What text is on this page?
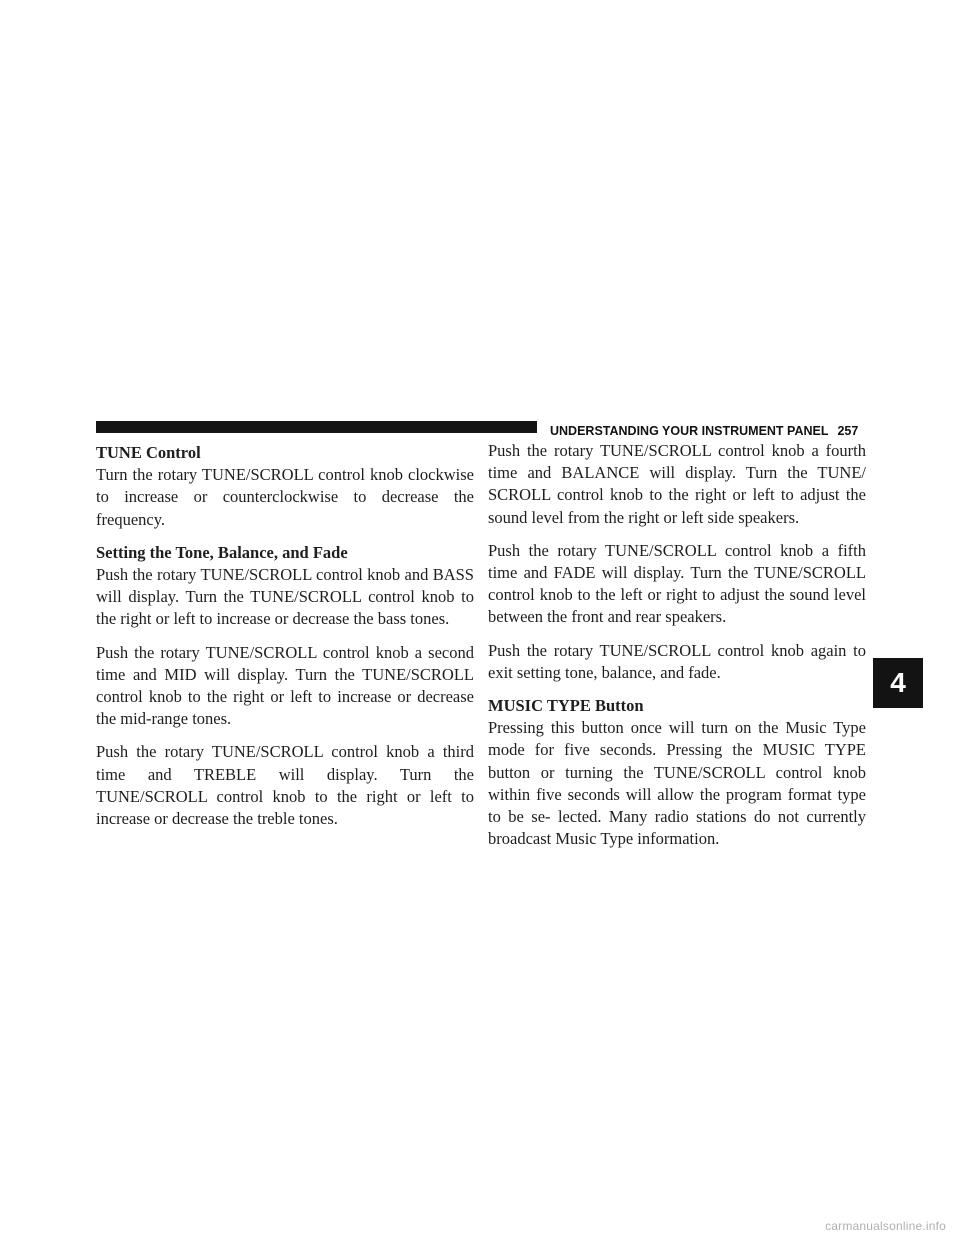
UNDERSTANDING YOUR INSTRUMENT PANEL 257
TUNE Control

Turn the rotary TUNE/SCROLL control knob clockwise to increase or counterclockwise to decrease the frequency.

Setting the Tone, Balance, and Fade

Push the rotary TUNE/SCROLL control knob and BASS will display. Turn the TUNE/SCROLL control knob to the right or left to increase or decrease the bass tones.

Push the rotary TUNE/SCROLL control knob a second time and MID will display. Turn the TUNE/SCROLL control knob to the right or left to increase or decrease the mid-range tones.

Push the rotary TUNE/SCROLL control knob a third time and TREBLE will display. Turn the TUNE/SCROLL control knob to the right or left to increase or decrease the treble tones.

Push the rotary TUNE/SCROLL control knob a fourth time and BALANCE will display. Turn the TUNE/ SCROLL control knob to the right or left to adjust the sound level from the right or left side speakers.

Push the rotary TUNE/SCROLL control knob a fifth time and FADE will display. Turn the TUNE/SCROLL control knob to the left or right to adjust the sound level between the front and rear speakers.

Push the rotary TUNE/SCROLL control knob again to exit setting tone, balance, and fade.

MUSIC TYPE Button

Pressing this button once will turn on the Music Type mode for five seconds. Pressing the MUSIC TYPE button or turning the TUNE/SCROLL control knob within five seconds will allow the program format type to be se- lected. Many radio stations do not currently broadcast Music Type information.

4
carmanualsonline.info
